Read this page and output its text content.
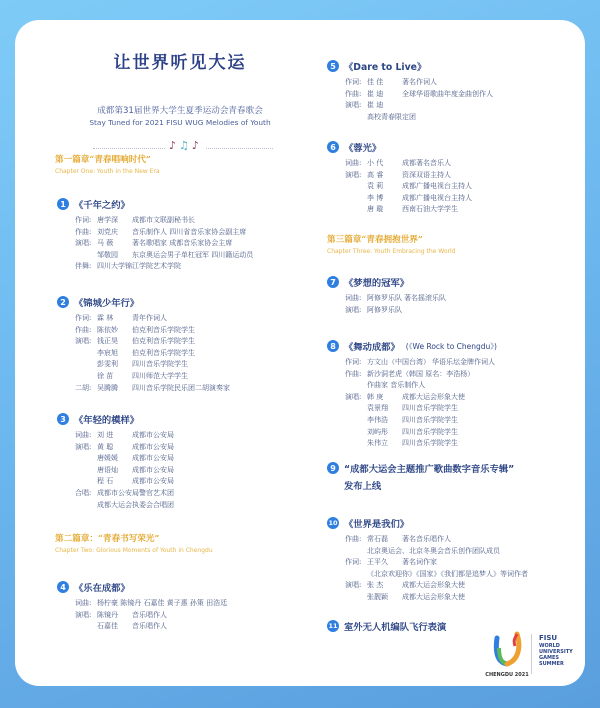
让世界听见大运
成都第31届世界大学生夏季运动会青春歌会
Stay Tuned for 2021 FISU WUG Melodies of Youth
♪♫♪
第一篇章“青春唱响时代”
Chapter One: Youth in the New Era
第二篇章：“青春书写荣光”
Chapter Two: Glorious Moments of Youth in Chengdu
第三篇章“青春拥抱世界”
Chapter Three: Youth Embracing the World
1 《千年之约》
作词: 唐学深	成都市文联副秘书长
作曲: 刘党庆	音乐制作人 四川省音乐家协会副主席
演唱: 马 薇	著名歌唱家 成都音乐家协会主席
邹敬园	东京奥运会男子单杠冠军 四川籍运动员
伴舞: 四川大学锦江学院艺术学院
2 《锦城少年行》
作词: 霖 林	青年作词人
作曲: 陈依妙	伯克利音乐学院学生
演唱: 钱正昊	伯克利音乐学院学生
李宸旭	伯克利音乐学院学生
彭雯利	四川音乐学院学生
徐 苗	四川师范大学学生
二胡: 吴腾腾	四川音乐学院民乐团二胡演奏家
3 《年轻的模样》
词曲: 刘 进	成都市公安局
演唱: 黄 聪	成都市公安局
唐媛媛	成都市公安局
唐语灿	成都市公安局
程 石	成都市公安局
合唱: 成都市公安局警官艺术团
成都大运会执委会合唱团
4 《乐在成都》
词曲: 杨柠豪 陈镜丹 石嘉佳 黄子惠 孙策 田浩廷
演唱: 陈镜丹	音乐唱作人
石嘉佳	音乐唱作人
5 《Dare to Live》
作词: 佳 佳	著名作词人
作曲: 崔 迪	全球华语歌曲年度金曲创作人
演唱: 崔 迪
高校青春限定团
6 《蓉光》
词曲: 小 代	成都著名音乐人
演唱: 高 睿	资深双语主持人
袁 莉	成都广播电视台主持人
李 博	成都广播电视台主持人
唐 璇	西南石油大学学生
7 《梦想的冠军》
词曲: 阿修罗乐队 著名摇滚乐队
演唱: 阿修罗乐队
8 《舞动成都》 (《We Rock to Chengdu》)
作词: 方文山（中国台湾） 华语乐坛金牌作词人
作曲: 新沙洞老虎（韩国 原名：李浩杨）
作曲家 音乐制作人
演唱: 韩 庚	成都大运会形象大使
袁景翔	四川音乐学院学生
李伟浩	四川音乐学院学生
刘屿彤	四川音乐学院学生
朱伟立	四川音乐学院学生
9 “成都大运会主题推广歌曲数字音乐专辑”
发布上线
10 《世界是我们》
作曲: 常石磊	著名音乐唱作人
北京奥运会、北京冬奥会音乐创作团队成员
作词: 王平久	著名词作家
《北京欢迎你》《国家》《我们都是追梦人》等词作者
演唱: 张 杰	成都大运会形象大使
张靓颖	成都大运会形象大使
11 室外无人机编队飞行表演
CHENGDU 2021
FISU
WORLD
UNIVERSITY
GAMES
SUMMER
